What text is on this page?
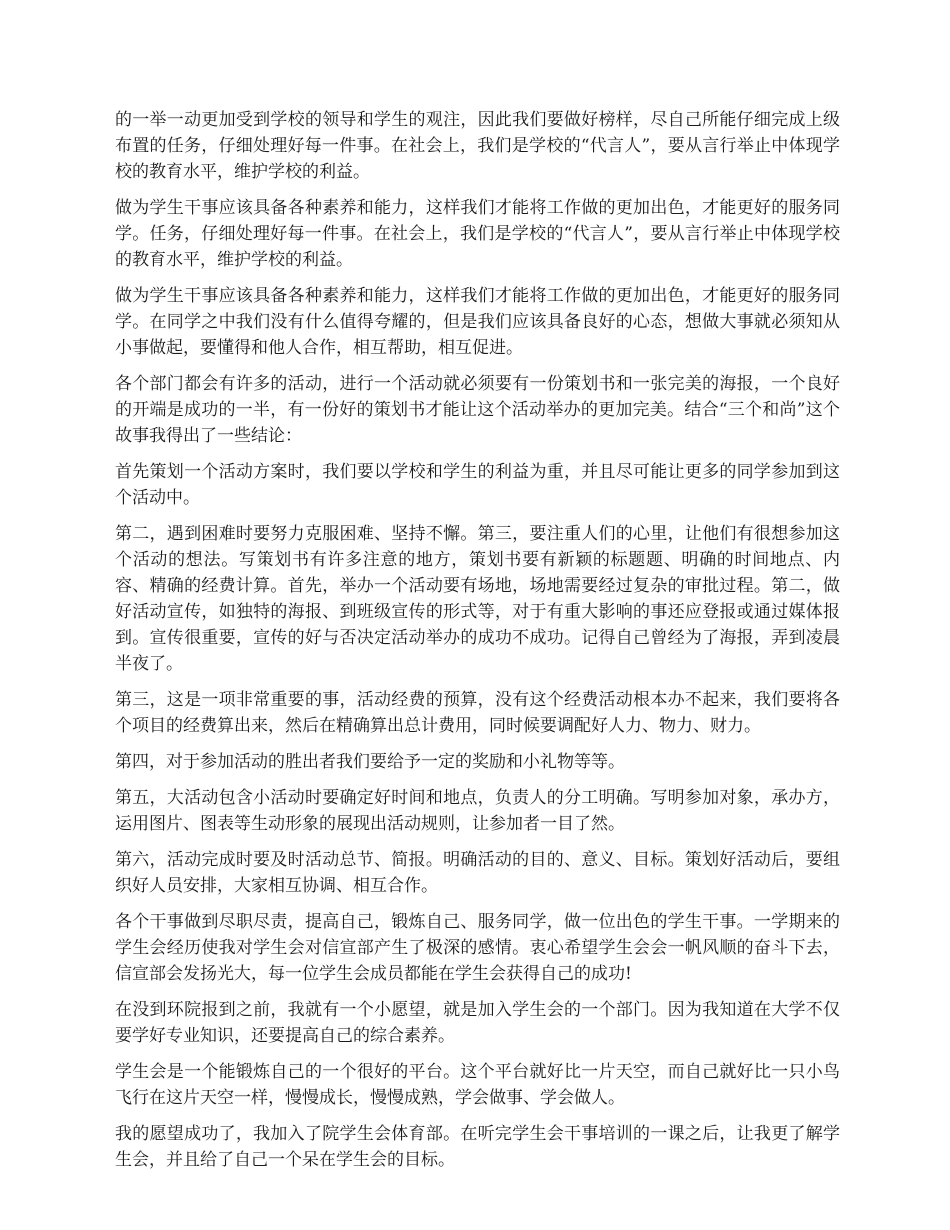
的一举一动更加受到学校的领导和学生的观注，因此我们要做好榜样，尽自己所能仔细完成上级布置的任务，仔细处理好每一件事。在社会上，我们是学校的“代言人”，要从言行举止中体现学校的教育水平，维护学校的利益。

做为学生干事应该具备各种素养和能力，这样我们才能将工作做的更加出色，才能更好的服务同学。任务，仔细处理好每一件事。在社会上，我们是学校的“代言人”，要从言行举止中体现学校的教育水平，维护学校的利益。

做为学生干事应该具备各种素养和能力，这样我们才能将工作做的更加出色，才能更好的服务同学。在同学之中我们没有什么值得夸耀的，但是我们应该具备良好的心态，想做大事就必须知从小事做起，要懂得和他人合作，相互帮助，相互促进。

各个部门都会有许多的活动，进行一个活动就必须要有一份策划书和一张完美的海报，一个良好的开端是成功的一半，有一份好的策划书才能让这个活动举办的更加完美。结合“三个和尚”这个故事我得出了一些结论：

首先策划一个活动方案时，我们要以学校和学生的利益为重，并且尽可能让更多的同学参加到这个活动中。

第二，遇到困难时要努力克服困难、坚持不懈。第三，要注重人们的心里，让他们有很想参加这个活动的想法。写策划书有许多注意的地方，策划书要有新颖的标题题、明确的时间地点、内容、精确的经费计算。首先，举办一个活动要有场地，场地需要经过复杂的审批过程。第二，做好活动宣传，如独特的海报、到班级宣传的形式等，对于有重大影响的事还应登报或通过媒体报到。宣传很重要，宣传的好与否决定活动举办的成功不成功。记得自己曾经为了海报，弄到凌晨半夜了。

第三，这是一项非常重要的事，活动经费的预算，没有这个经费活动根本办不起来，我们要将各个项目的经费算出来，然后在精确算出总计费用，同时候要调配好人力、物力、财力。

第四，对于参加活动的胜出者我们要给予一定的奖励和小礼物等等。

第五，大活动包含小活动时要确定好时间和地点，负责人的分工明确。写明参加对象，承办方，运用图片、图表等生动形象的展现出活动规则，让参加者一目了然。

第六，活动完成时要及时活动总节、简报。明确活动的目的、意义、目标。策划好活动后，要组织好人员安排，大家相互协调、相互合作。

各个干事做到尽职尽责，提高自己，锻炼自己、服务同学，做一位出色的学生干事。一学期来的学生会经历使我对学生会对信宣部产生了极深的感情。衷心希望学生会会一帆风顺的奋斗下去，信宣部会发扬光大，每一位学生会成员都能在学生会获得自己的成功!

在没到环院报到之前，我就有一个小愿望，就是加入学生会的一个部门。因为我知道在大学不仅要学好专业知识，还要提高自己的综合素养。

学生会是一个能锻炼自己的一个很好的平台。这个平台就好比一片天空，而自己就好比一只小鸟飞行在这片天空一样，慢慢成长，慢慢成熟，学会做事、学会做人。

我的愿望成功了，我加入了院学生会体育部。在听完学生会干事培训的一课之后，让我更了解学生会，并且给了自己一个呆在学生会的目标。
